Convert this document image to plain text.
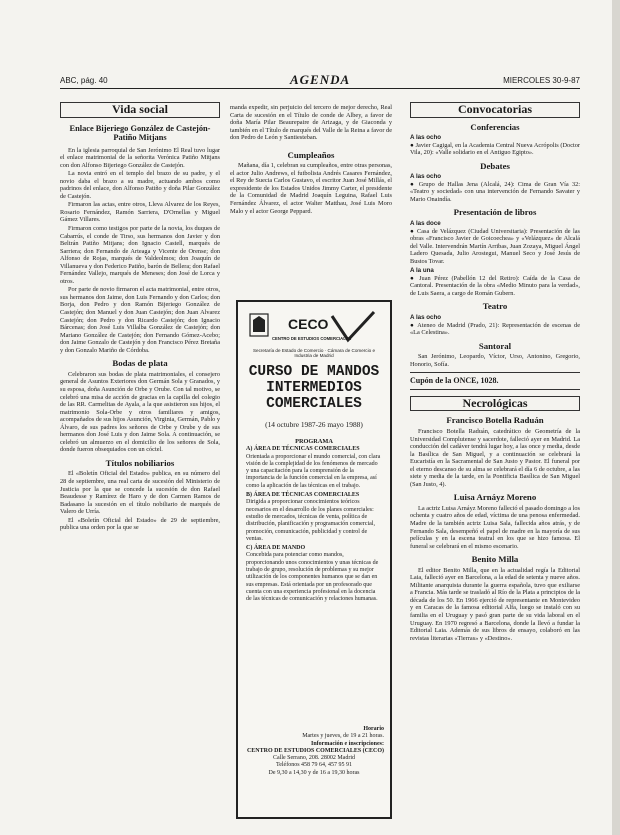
ABC, pág. 40	AGENDA	MIERCOLES 30-9-87
Vida social
Enlace Bijeriego González de Castejón-Patiño Mitjans

En la iglesia parroquial de San Jerónimo El Real tuvo lugar el enlace matrimonial de la señorita Verónica Patiño Mitjans con don Alfonso Bijeriego González de Castejón.

La novia entró en el templo del brazo de su padre, y el novio daba el brazo a su madre, actuando ambos como padrinos del enlace, don Alfonso Patiño y doña Pilar González de Castejón.

Firmaron las actas, entre otros, Lleva Alvarez de los Reyes, Rosario Fernández, Ramón Sarriera, D'Ornellas y Miguel Gámez Villares.

Firmaron como testigos por parte de la novia, los duques de Cabarrús, el conde de Tirso, sus hermanos don Javier y don Beltrán Patiño Mitjans; don Ignacio Castell, marqués de Sarriera; don Fernando de Arteaga y Vicente de Orense; don Alfonso de Rojas, marqués de Valdeolmos; don Joaquín de Villanueva y don Federico Patiño, barón de Bellera; don Rafael Fernández Vallejo, marqués de Meneses; don José de Lorca y otros.

Por parte de novio firmaron el acta matrimonial, entre otros, sus hermanos don Jaime, don Luis Fernando y don Carlos; don Borja, don Pedro y don Ramón Bijeriego González de Castejón; don Manuel y don Juan Castejón; don Juan Alvarez Castejón; don Pedro y don Ricardo Castejón; don Ignacio Bárcenas; don José Luis Villalba González de Castejón; don Mariano González de Castejón; don Fernando Gómez-Acebo; don Jaime Gonzalo de Castejón y don Francisco Pérez Bretaña y don Gonzalo Mariño de Córdoba.

Bodas de plata

Celebraron sus bodas de plata matrimoniales, el consejero general de Asuntos Exteriores don Germán Sola y Granados, y su esposa, doña Asunción de Orbe y Orube. Con tal motivo, se celebró una misa de acción de gracias en la capilla del colegio de las RR. Carmelitas de Ayala, a la que asistieron sus hijos, el matrimonio Sola-Orbe y otros familiares y amigos, acompañados de sus hijos Asunción, Virginia, Germán, Pablo y Álvaro, de sus padres los señores de Orbe y Orube y de sus hermanos don José Luis y don Jaime Sola. A continuación, se celebró un almuerzo en el domicilio de los señores de Sola, donde fueron obsequiados con un cóctel.

Títulos nobiliarios

El «Boletín Oficial del Estado» publica, en su número del 28 de septiembre, una real carta de sucesión del Ministerio de Justicia por la que se concede la sucesión de don Rafael Beaudesse y Ramírez de Haro y de don Carmen Ramos de Badasano la sucesión en el título nobiliario de marqués de Valero de Urría.

El «Boletín Oficial del Estado» de 29 de septiembre, publica una orden por la que se

manda expedir, sin perjuicio del tercero de mejor derecho, Real Carta de sucesión en el Título de conde de Albey, a favor de doña María Pilar Beaurepaire de Arizaga, y de Giaconda y también en el Título de marqués del Valle de la Reina a favor de don Pedro de León y Santiesteban.

Cumpleaños

Mañana, día 1, celebran su cumpleaños, entre otras personas, el actor Julio Andrews, el futbolista Andrés Casares Fernández, el Rey de Suecia Carlos Gustavo, el escritor Juan José Millás, el expresidente de los Estados Unidos Jimmy Carter, el presidente de la Comunidad de Madrid Joaquín Leguina, Rafael Luis Fernández Álvarez, el actor Walter Matthau, José Luis Moro Malo y el actor George Peppard.

CECO
CENTRO DE ESTUDIOS COMERCIALES
Secretaría de Estado de Comercio · Cámara de Comercio e Industria de Madrid
CURSO DE MANDOS INTERMEDIOS COMERCIALES
(14 octubre 1987-26 mayo 1988)
PROGRAMA
A) ÁREA DE TÉCNICAS COMERCIALES

Orientada a proporcionar el mundo comercial, con clara visión de la complejidad de los fenómenos de mercado y una capacitación para la comprensión de la importancia de la función comercial en la empresa, así como la aplicación de las técnicas en el trabajo.

B) ÁREA DE TÉCNICAS COMERCIALES

Dirigida a proporcionar conocimientos teóricos necesarios en el desarrollo de los planes comerciales: estudio de mercados, técnicas de venta, política de distribución, planificación y programación comercial, promoción, comunicación, publicidad y control de ventas.

C) ÁREA DE MANDO

Concebida para potenciar como mandos, proporcionando unos conocimientos y unas técnicas de trabajo de grupo, resolución de problemas y su mejor utilización de los componentes humanos que se dan en sus empresas. Está orientada por un profesorado que cuenta con una experiencia profesional en la docencia de las técnicas de comunicación y relaciones humanas.

Horario
Martes y jueves, de 19 a 21 horas.
Información e inscripciones:
CENTRO DE ESTUDIOS COMERCIALES (CECO)
Calle Serrano, 208. 28002 Madrid
Teléfonos 458 79 64, 457 95 91
De 9,30 a 14,30 y de 16 a 19,30 horas
Convocatorias
Conferencias
A las ocho

● Javier Cagigal, en la Academia Central Nueva Acrópolis (Doctor Vila, 20): «Valle solidario en el Antiguo Egipto».

Debates
A las ocho

● Grupo de Hallas Jena (Alcalá, 24): Cima de Gran Vía 32: «Teatro y sociedad» con una intervención de Fernando Savater y Mario Onaindía.

Presentación de libros
A las doce

● Casa de Velázquez (Ciudad Universitaria): Presentación de las obras «Francisco Javier de Goicoechea» y «Velázquez» de Alcalá del Valle. Intervendrán Martín Arribas, Juan Zozaya, Miguel Ángel Ladero Quesada, Julio Arostegui, Manuel Seco y José Jesús de Bustos Tovar.

A la una

● Juan Pérez (Pabellón 12 del Retiro): Caída de la Casa de Cantoral. Presentación de la obra «Medio Minuto para la verdad», de Luis Saera, a cargo de Román Gubern.

Teatro
A las ocho

● Ateneo de Madrid (Prado, 21): Representación de escenas de «La Celestina».

Santoral

San Jerónimo, Leopardo, Víctor, Urso, Antonino, Gregorio, Honorio, Sofía.

Cupón de la ONCE, 1028.
Necrológicas
Francisco Botella Raduán

Francisco Botella Raduán, catedrático de Geometría de la Universidad Complutense y sacerdote, falleció ayer en Madrid. La conducción del cadáver tendrá lugar hoy, a las once y media, desde la Basílica de San Miguel, y a continuación se celebrará la Eucaristía en la Sacramental de San Justo y Pastor. El funeral por el eterno descanso de su alma se celebrará el día 6 de octubre, a las siete y media de la tarde, en la Pontificia Basílica de San Miguel (San Justo, 4).

Luisa Arnáyz Moreno

La actriz Luisa Arnáyz Moreno falleció el pasado domingo a los ochenta y cuatro años de edad, víctima de una penosa enfermedad. Madre de la también actriz Luisa Sala, fallecida años atrás, y de Fernando Sala, desempeñó el papel de madre en la mayoría de sus películas y en la escena teatral en los que se hizo famosa. El funeral se celebrará en el mismo escenario.

Benito Milla

El editor Benito Milla, que en la actualidad regía la Editorial Laia, falleció ayer en Barcelona, a la edad de setenta y nueve años. Militante anarquista durante la guerra española, tuvo que exiliarse a Francia. Más tarde se trasladó al Río de la Plata a principios de la década de los 50. En 1966 ejerció de representante en Montevideo y en Caracas de la famosa editorial Alfa, luego se instaló con su familia en el Uruguay y pasó gran parte de su vida laboral en el Uruguay. En 1970 regresó a Barcelona, donde la llevó a fundar la Editorial Laia. Además de sus libros de ensayo, colaboró en las revistas literarias «Tierras» y «Destino».
